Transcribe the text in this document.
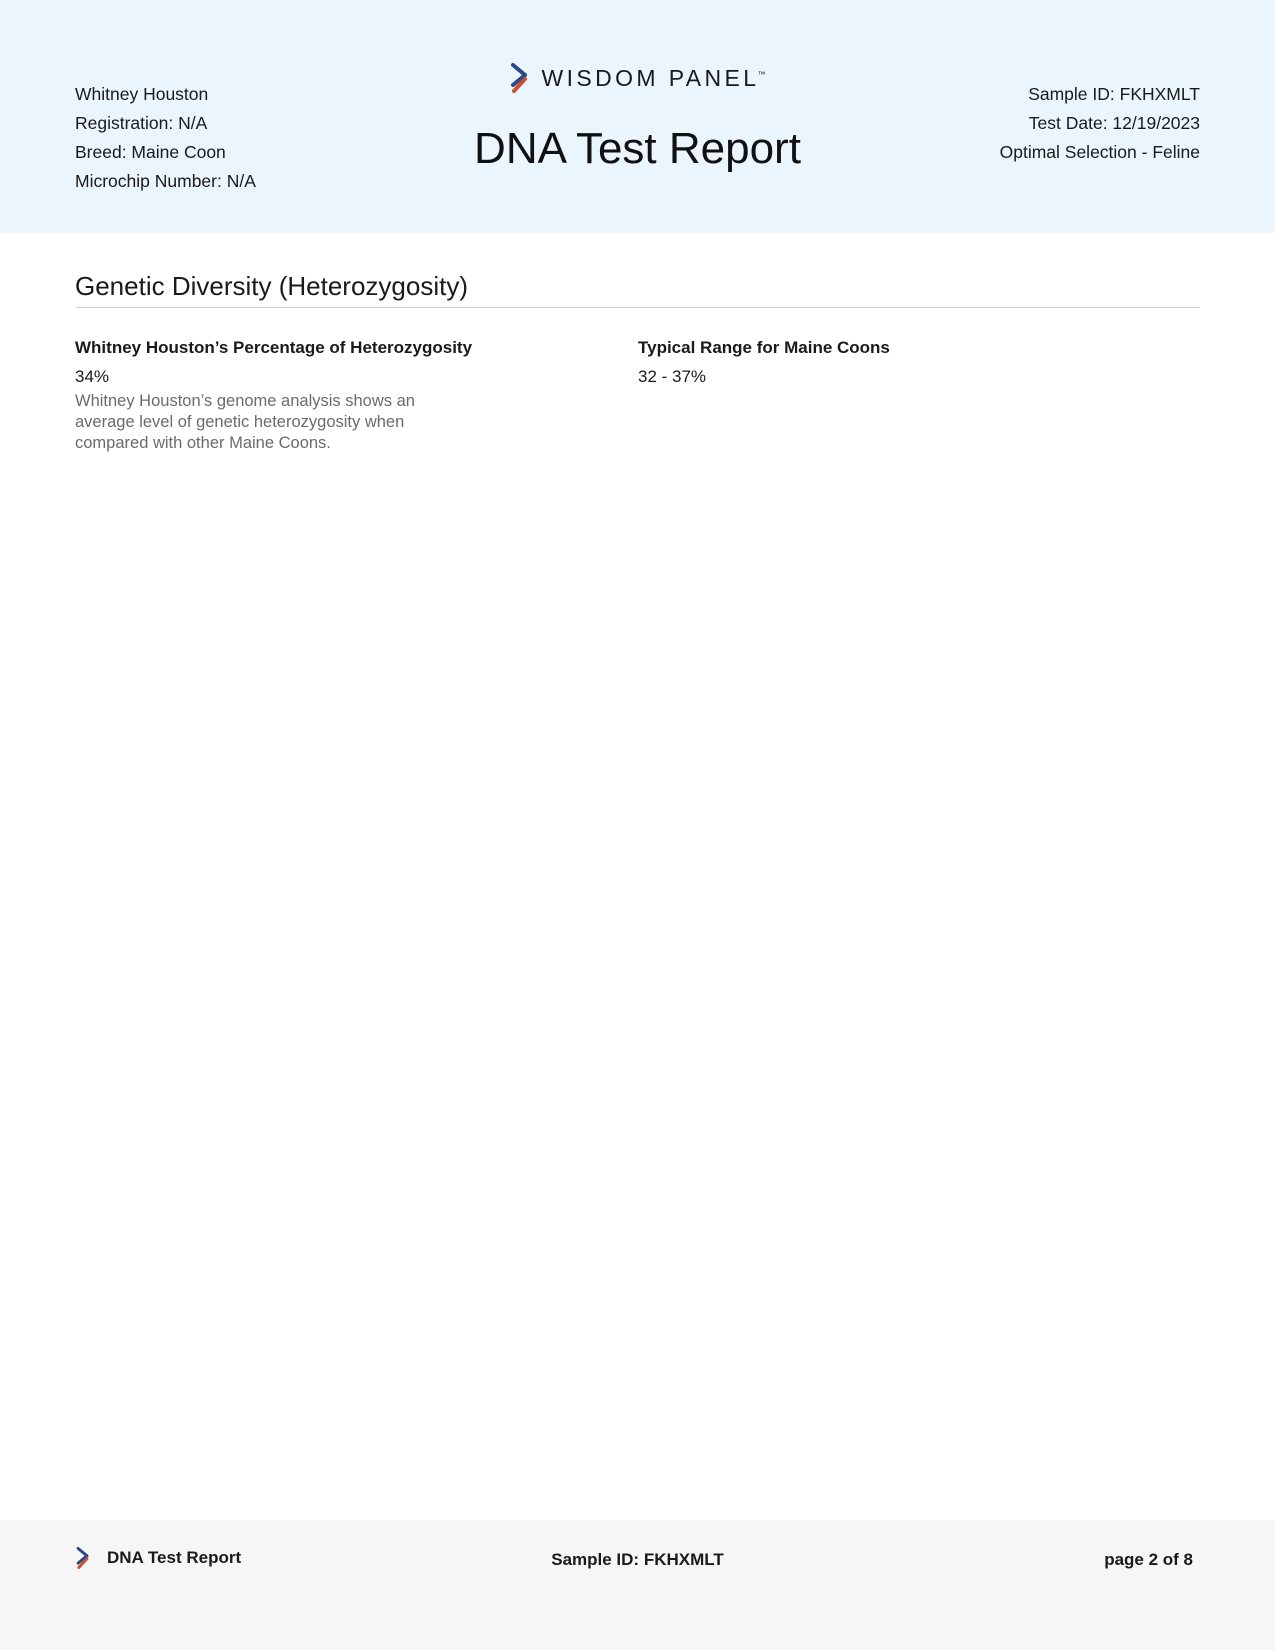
Whitney Houston
Registration: N/A
Breed: Maine Coon
Microchip Number: N/A
WISDOM PANEL™
DNA Test Report
Sample ID: FKHXMLT
Test Date: 12/19/2023
Optimal Selection - Feline
Genetic Diversity (Heterozygosity)
Whitney Houston’s Percentage of Heterozygosity
34%
Whitney Houston’s genome analysis shows an average level of genetic heterozygosity when compared with other Maine Coons.
Typical Range for Maine Coons
32 - 37%
DNA Test Report	Sample ID: FKHXMLT	page 2 of 8
